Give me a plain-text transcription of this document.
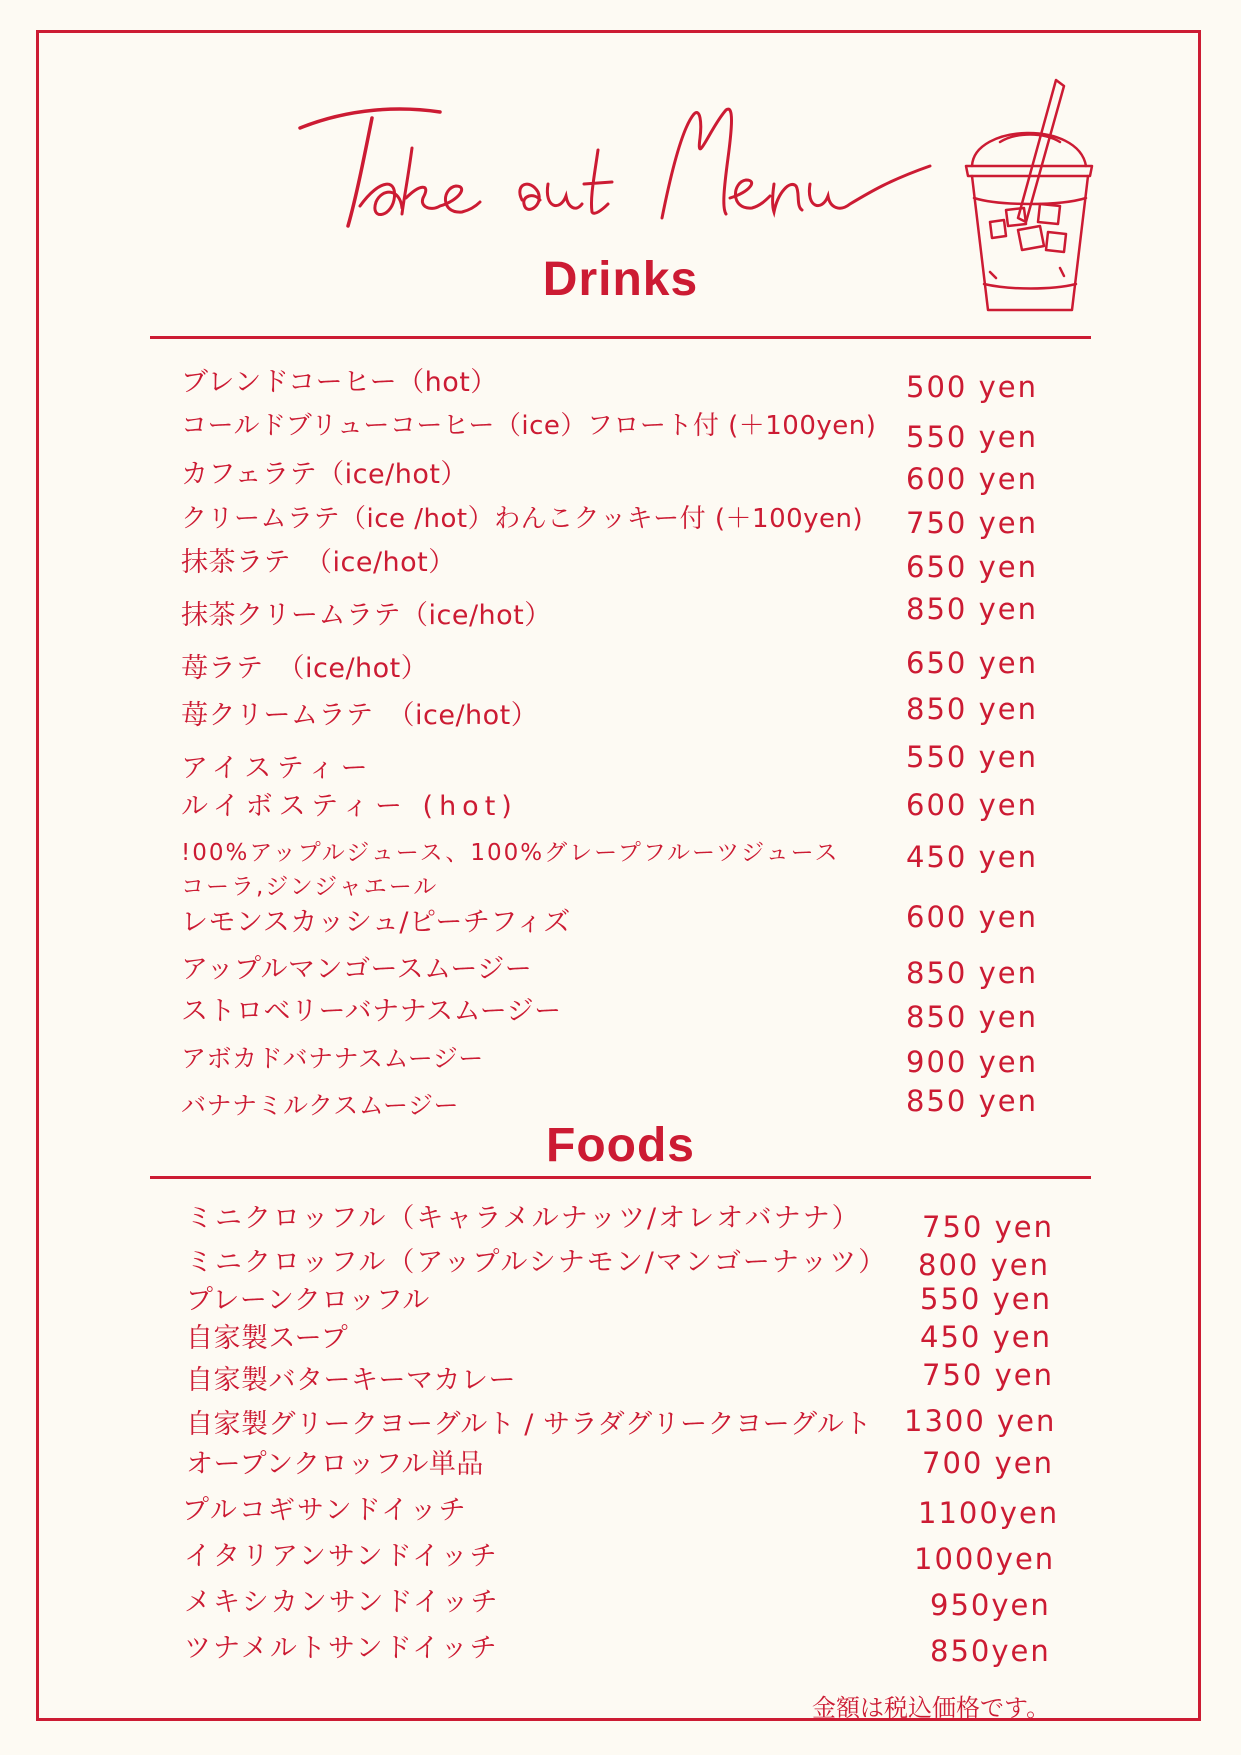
Drinks
ブレンドコーヒー（hot）	500 yen
コールドブリューコーヒー（ice）フロート付 (＋100yen) 550 yen
カフェラテ（ice/hot）	600 yen
クリームラテ（ice /hot）わんこクッキー付 (＋100yen) 750 yen
抹茶ラテ　（ice/hot）	650 yen
抹茶クリームラテ（ice/hot）	850 yen
苺ラテ　（ice/hot）	650 yen
苺クリームラテ　（ice/hot）	850 yen
アイスティー	550 yen
ルイボスティー (hot)	600 yen
!00%アップルジュース、100%グレープフルーツジュース
コーラ,ジンジャエール
450 yen
レモンスカッシュ/ピーチフィズ	600 yen
アップルマンゴースムージー	850 yen
ストロベリーバナナスムージー	850 yen
アボカドバナナスムージー	900 yen
バナナミルクスムージー	850 yen
Foods
ミニクロッフル（キャラメルナッツ/オレオバナナ） 750 yen
ミニクロッフル（アップルシナモン/マンゴーナッツ） 800 yen
プレーンクロッフル	550 yen
自家製スープ	450 yen
自家製バターキーマカレー	750 yen
自家製グリークヨーグルト / サラダグリークヨーグルト 1300 yen
オープンクロッフル単品	700 yen
プルコギサンドイッチ	1100yen
イタリアンサンドイッチ	1000yen
メキシカンサンドイッチ	950yen
ツナメルトサンドイッチ	850yen
金額は税込価格です。
